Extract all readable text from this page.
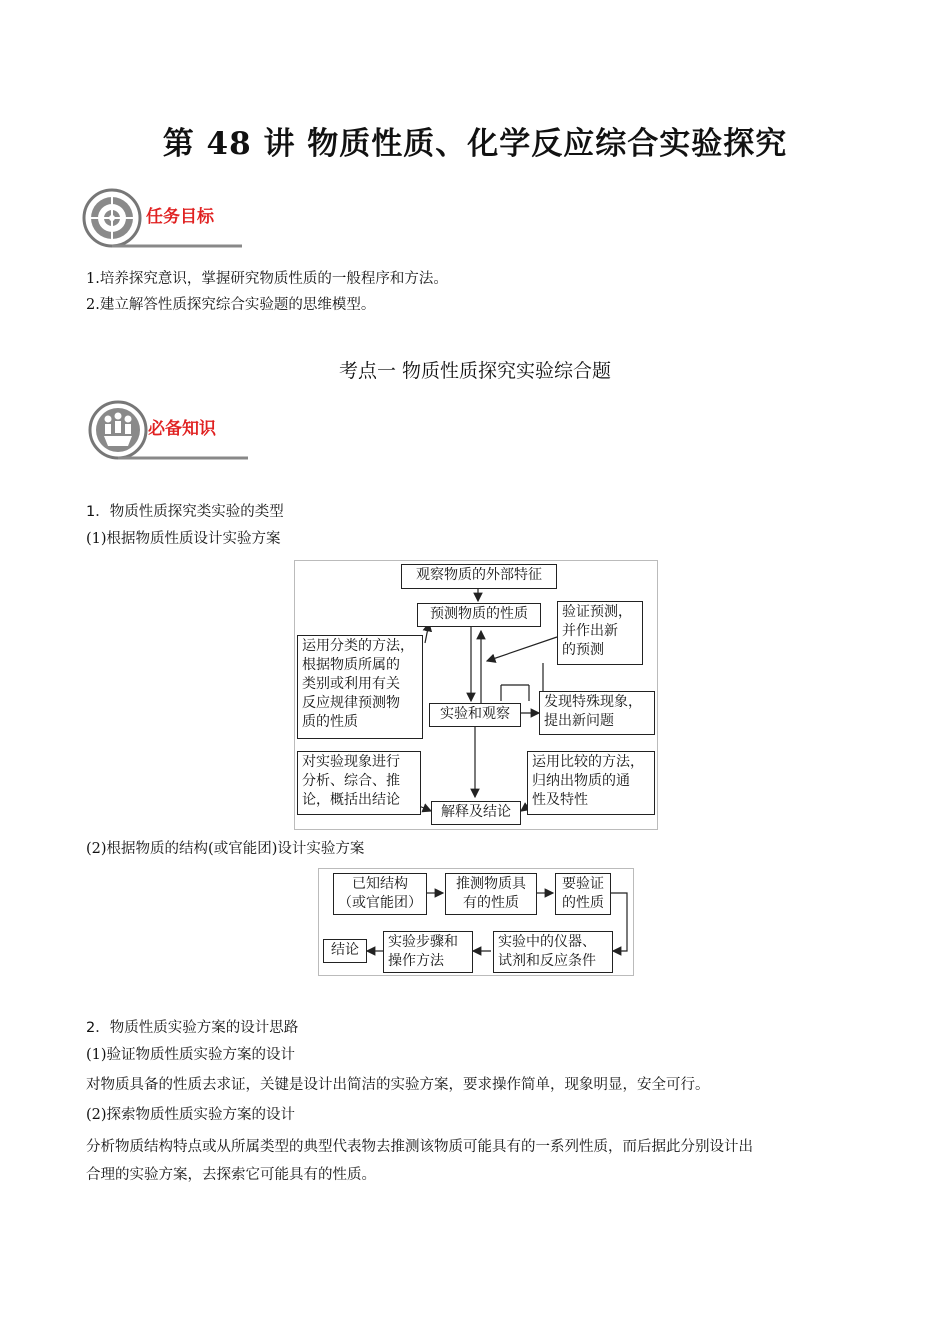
第 48 讲 物质性质、化学反应综合实验探究
任务目标
1.培养探究意识，掌握研究物质性质的一般程序和方法。
2.建立解答性质探究综合实验题的思维模型。
考点一 物质性质探究实验综合题
必备知识
1．物质性质探究类实验的类型
(1)根据物质性质设计实验方案
观察物质的外部特征
预测物质的性质
运用分类的方法，
根据物质所属的
类别或利用有关
反应规律预测物
质的性质
验证预测，
并作出新
的预测
实验和观察
发现特殊现象，
提出新问题
对实验现象进行
分析、综合、推
论，概括出结论
运用比较的方法，
归纳出物质的通
性及特性
解释及结论
(2)根据物质的结构(或官能团)设计实验方案
已知结构
（或官能团）
推测物质具
有的性质
要验证
的性质
实验中的仪器、
试剂和反应条件
实验步骤和
操作方法
结论
2．物质性质实验方案的设计思路
(1)验证物质性质实验方案的设计
对物质具备的性质去求证，关键是设计出简洁的实验方案，要求操作简单，现象明显，安全可行。
(2)探索物质性质实验方案的设计
分析物质结构特点或从所属类型的典型代表物去推测该物质可能具有的一系列性质，而后据此分别设计出
合理的实验方案，去探索它可能具有的性质。
